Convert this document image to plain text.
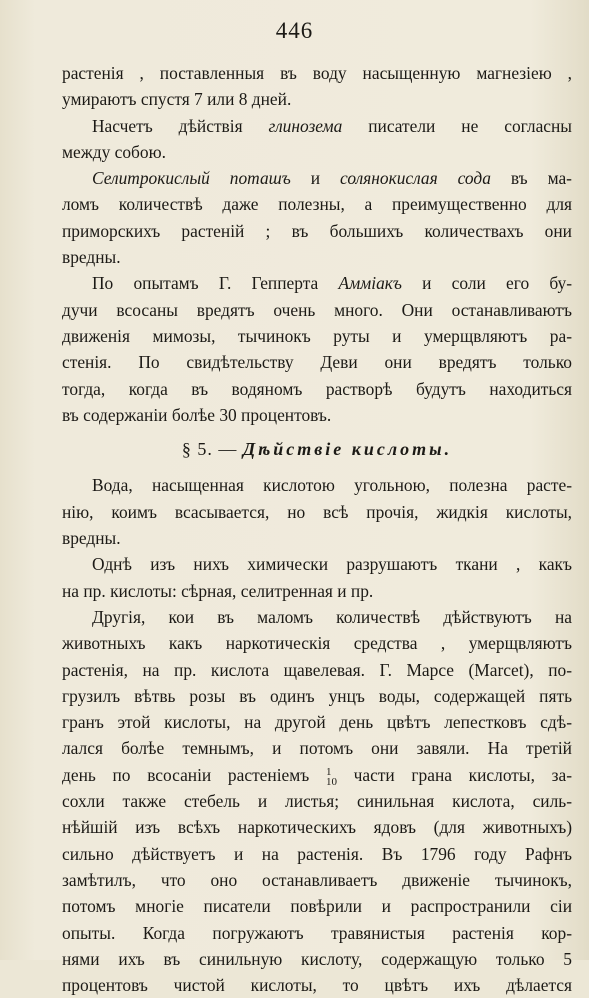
446
растенія , поставленныя въ воду насыщенную магнезіею ,
умираютъ спустя 7 или 8 дней.
Насчетъ дѣйствія глинозема писатели не согласны
между собою.
Селитрокислый поташъ и солянокислая сода въ ма-
ломъ количествѣ даже полезны, а преимущественно для
приморскихъ растеній ; въ большихъ количествахъ они
вредны.
По опытамъ Г. Гепперта Аммiакъ и соли его бу-
дучи всосаны вредятъ очень много. Они останавливаютъ
движенія мимозы, тычинокъ руты и умерщвляютъ ра-
стенія. По свидѣтельству Деви они вредятъ только
тогда, когда въ водяномъ растворѣ будутъ находиться
въ содержаніи болѣе 30 процентовъ.
§ 5. — Дѣйствіе кислоты.
Вода, насыщенная кислотою угольною, полезна расте-
нію, коимъ всасывается, но всѣ прочія, жидкія кислоты,
вредны.
Однѣ изъ нихъ химически разрушаютъ ткани , какъ
на пр. кислоты: сѣрная, селитренная и пр.
Другія, кои въ маломъ количествѣ дѣйствуютъ на
животныхъ какъ наркотическія средства , умерщвляютъ
растенія, на пр. кислота щавелевая. Г. Марсе (Marcet), по-
грузилъ вѣтвь розы въ одинъ унцъ воды, содержащей пять
гранъ этой кислоты, на другой день цвѣтъ лепестковъ сдѣ-
лался болѣе темнымъ, и потомъ они завяли. На третій
день по всосаніи растеніемъ 1
10 части грана кислоты, за-
сохли также стебель и листья; синильная кислота, силь-
нѣйшій изъ всѣхъ наркотическихъ ядовъ (для животныхъ)
сильно дѣйствуетъ и на растенія. Въ 1796 году Рафнъ
замѣтилъ, что оно останавливаетъ движеніе тычинокъ,
потомъ многіе писатели повѣрили и распространили сіи
опыты. Когда погружаютъ травянистыя растенія кор-
нями ихъ въ синильную кислоту, содержащую только 5
процентовъ чистой кислоты, то цвѣтъ ихъ дѣлается
